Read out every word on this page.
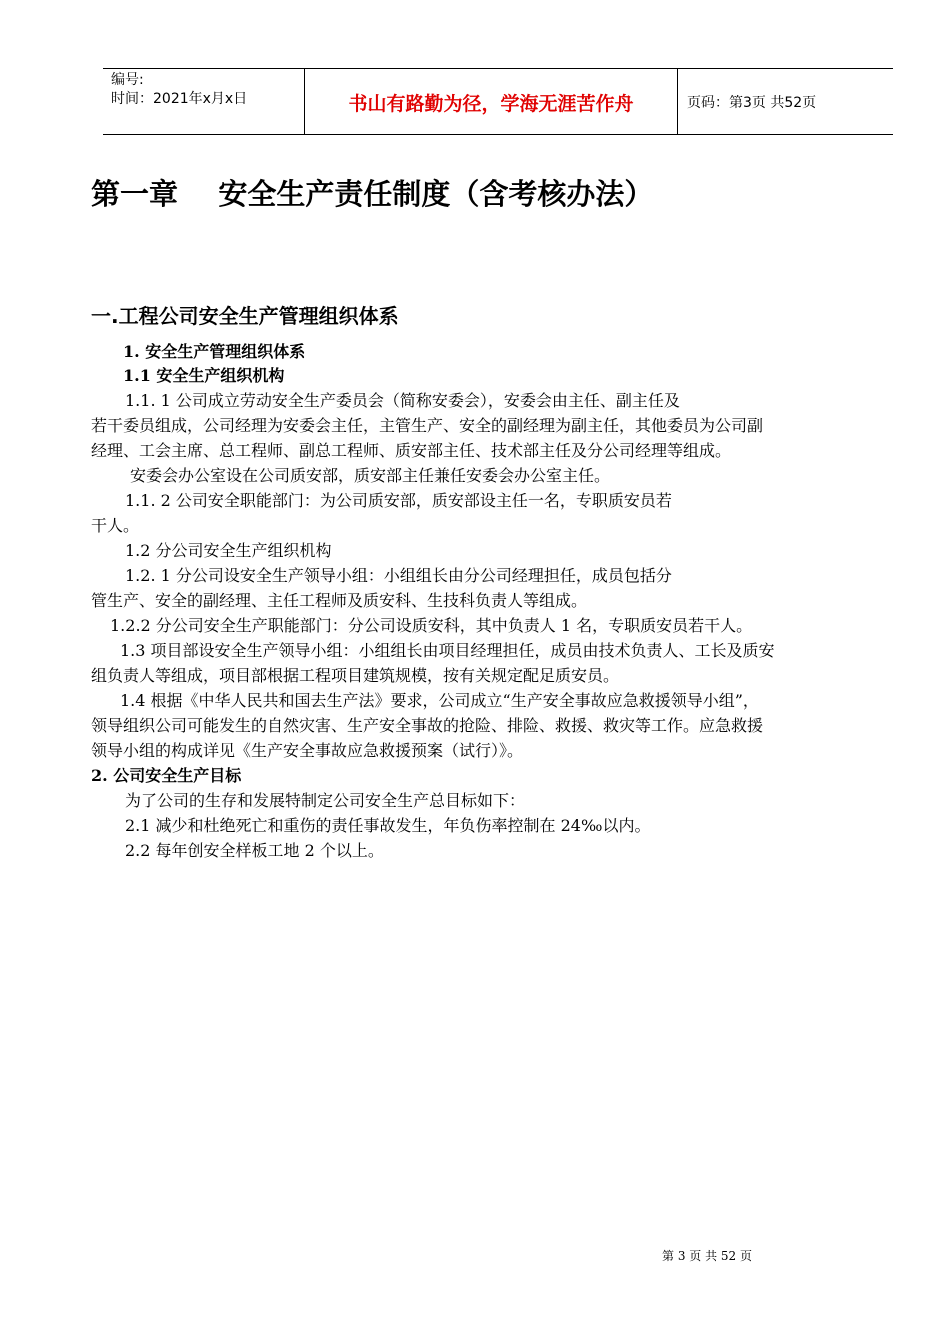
编号:
时间：2021年x月x日	书山有路勤为径，学海无涯苦作舟	页码：第3页 共52页
第一章    安全生产责任制度（含考核办法）
一.工程公司安全生产管理组织体系
1. 安全生产管理组织体系
1.1 安全生产组织机构
1.1. 1 公司成立劳动安全生产委员会（简称安委会），安委会由主任、副主任及
若干委员组成，公司经理为安委会主任，主管生产、安全的副经理为副主任，其他委员为公司副
经理、工会主席、总工程师、副总工程师、质安部主任、技术部主任及分公司经理等组成。
安委会办公室设在公司质安部，质安部主任兼任安委会办公室主任。
1.1. 2 公司安全职能部门：为公司质安部，质安部设主任一名，专职质安员若
干人。
1.2 分公司安全生产组织机构
1.2. 1 分公司设安全生产领导小组：小组组长由分公司经理担任，成员包括分
管生产、安全的副经理、主任工程师及质安科、生技科负责人等组成。
1.2.2 分公司安全生产职能部门：分公司设质安科，其中负责人 1 名，专职质安员若干人。
1.3 项目部设安全生产领导小组：小组组长由项目经理担任，成员由技术负责人、工长及质安
组负责人等组成，项目部根据工程项目建筑规模，按有关规定配足质安员。
1.4 根据《中华人民共和国去生产法》要求，公司成立“生产安全事故应急救援领导小组”，
领导组织公司可能发生的自然灾害、生产安全事故的抢险、排险、救援、救灾等工作。应急救援
领导小组的构成详见《生产安全事故应急救援预案（试行）》。
2. 公司安全生产目标
为了公司的生存和发展特制定公司安全生产总目标如下：
2.1 减少和杜绝死亡和重伤的责任事故发生，年负伤率控制在 24‰以内。
2.2 每年创安全样板工地 2 个以上。
第 3 页 共 52 页
